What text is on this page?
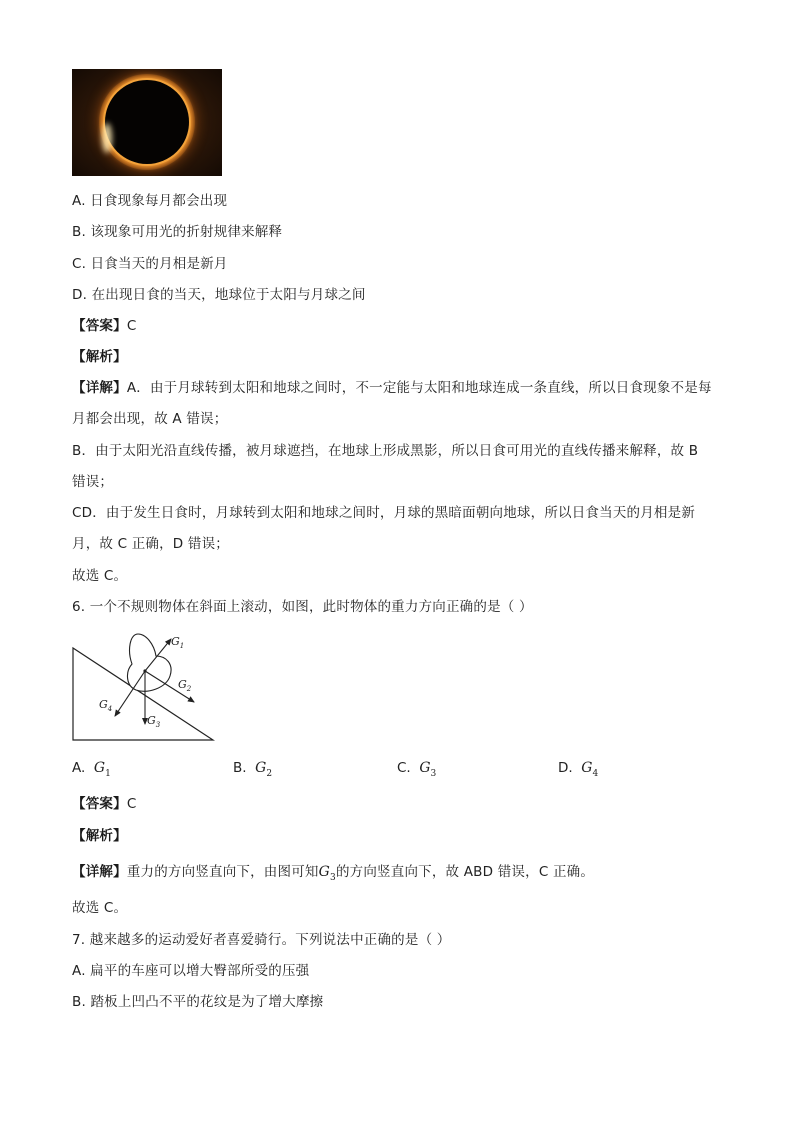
A. 日食现象每月都会出现
B. 该现象可用光的折射规律来解释
C. 日食当天的月相是新月
D. 在出现日食的当天，地球位于太阳与月球之间
【答案】C
【解析】
【详解】A．由于月球转到太阳和地球之间时，不一定能与太阳和地球连成一条直线，所以日食现象不是每
月都会出现，故 A 错误；
B．由于太阳光沿直线传播，被月球遮挡，在地球上形成黑影，所以日食可用光的直线传播来解释，故 B
错误；
CD．由于发生日食时，月球转到太阳和地球之间时，月球的黑暗面朝向地球，所以日食当天的月相是新
月，故 C 正确，D 错误；
故选 C。
6. 一个不规则物体在斜面上滚动，如图，此时物体的重力方向正确的是（ ）
$G_1$
$G_2$
$G_3$
$G_4$
A. $G_1$	B. $G_2$	C. $G_3$	D. $G_4$
【答案】C
【解析】
【详解】重力的方向竖直向下，由图可知$G_3$的方向竖直向下，故 ABD 错误，C 正确。
故选 C。
7. 越来越多的运动爱好者喜爱骑行。下列说法中正确的是（ ）
A. 扁平的车座可以增大臀部所受的压强
B. 踏板上凹凸不平的花纹是为了增大摩擦
